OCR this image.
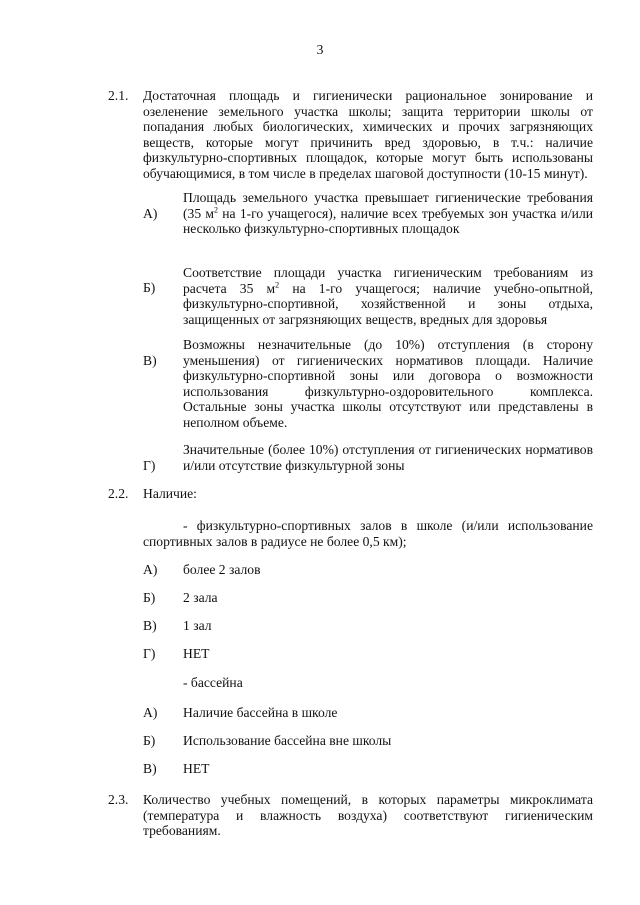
3
2.1. Достаточная площадь и гигиенически рациональное зонирование и озеленение земельного участка школы; защита территории школы от попадания любых биологических, химических и прочих загрязняющих веществ, которые могут причинить вред здоровью, в т.ч.: наличие физкультурно-спортивных площадок, которые могут быть использованы обучающимися, в том числе в пределах шаговой доступности (10-15 минут).
А)
Площадь земельного участка превышает гигиенические требования (35 $м^2$ на 1-го учащегося), наличие всех требуемых зон участка и/или несколько физкультурно-спортивных площадок
Б)
Соответствие площади участка гигиеническим требованиям из расчета 35 $м^2$ на 1-го учащегося; наличие учебно-опытной, физкультурно-спортивной, хозяйственной и зоны отдыха, защищенных от загрязняющих веществ, вредных для здоровья
В)
Возможны незначительные (до 10%) отступления (в сторону уменьшения) от гигиенических нормативов площади. Наличие физкультурно-спортивной зоны или договора о возможности использования физкультурно-оздоровительного комплекса. Остальные зоны участка школы отсутствуют или представлены в неполном объеме.
Г)
Значительные (более 10%) отступления от гигиенических нормативов и/или отсутствие физкультурной зоны
2.2. Наличие:
- физкультурно-спортивных залов в школе (и/или использование спортивных залов в радиусе не более 0,5 км);
А) более 2 залов
Б) 2 зала
В) 1 зал
Г) НЕТ
- бассейна
А) Наличие бассейна в школе
Б) Использование бассейна вне школы
В) НЕТ
2.3. Количество учебных помещений, в которых параметры микроклимата (температура и влажность воздуха) соответствуют гигиеническим требованиям.
